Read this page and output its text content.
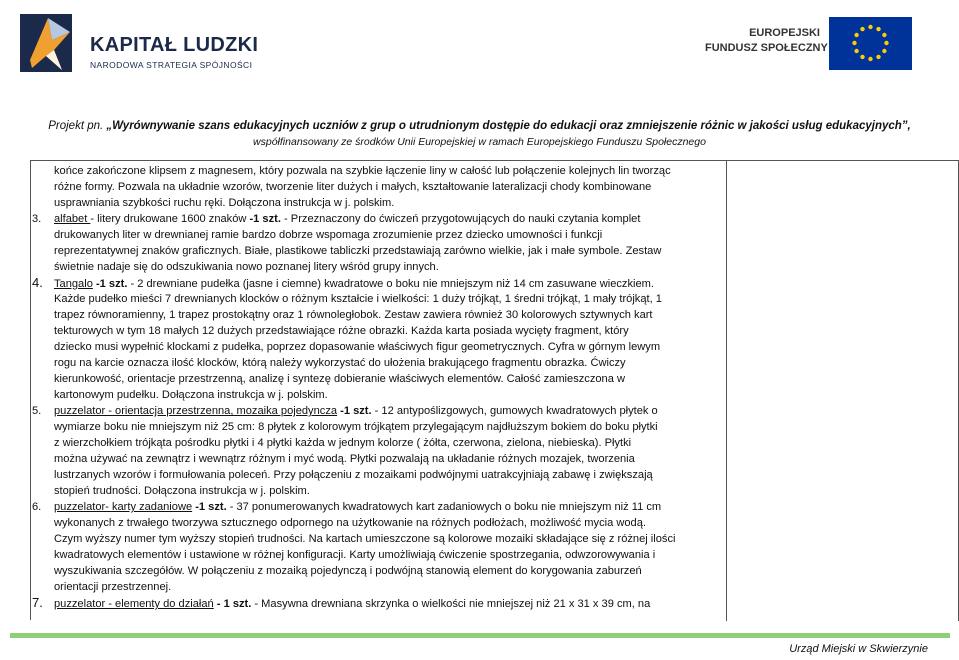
KAPITAŁ LUDZKI
NARODOWA STRATEGIA SPÓJNOŚCI
EUROPEJSKI
FUNDUSZ SPOŁECZNY
Projekt pn. „Wyrównywanie szans edukacyjnych uczniów z grup o utrudnionym dostępie do edukacji oraz zmniejszenie różnic w jakości usług edukacyjnych”,
współfinansowany ze środków Unii Europejskiej w ramach Europejskiego Funduszu Społecznego
końce zakończone klipsem z magnesem, który pozwala na szybkie łączenie liny w całość lub połączenie kolejnych lin tworząc
różne formy. Pozwala na układnie wzorów, tworzenie liter dużych i małych, kształtowanie lateralizacji chody kombinowane
usprawniania szybkości ruchu ręki. Dołączona instrukcja w j. polskim.
3. alfabet - litery drukowane 1600 znaków -1 szt. - Przeznaczony do ćwiczeń przygotowujących do nauki czytania komplet
drukowanych liter w drewnianej ramie bardzo dobrze wspomaga zrozumienie przez dziecko umowności i funkcji
reprezentatywnej znaków graficznych. Białe, plastikowe tabliczki przedstawiają zarówno wielkie, jak i małe symbole. Zestaw
świetnie nadaje się do odszukiwania nowo poznanej litery wśród grupy innych.
4. Tangalo -1 szt. - 2 drewniane pudełka (jasne i ciemne) kwadratowe o boku nie mniejszym niż 14 cm zasuwane wieczkiem.
Każde pudełko mieści 7 drewnianych klocków o różnym kształcie i wielkości: 1 duży trójkąt, 1 średni trójkąt, 1 mały trójkąt, 1
trapez równoramienny, 1 trapez prostokątny oraz 1 równoległobok. Zestaw zawiera również 30 kolorowych sztywnych kart
tekturowych w tym 18 małych 12 dużych przedstawiające różne obrazki. Każda karta posiada wycięty fragment, który
dziecko musi wypełnić klockami z pudełka, poprzez dopasowanie właściwych figur geometrycznych. Cyfra w górnym lewym
rogu na karcie oznacza ilość klocków, którą należy wykorzystać do ułożenia brakującego fragmentu obrazka. Ćwiczy
kierunkowość, orientacje przestrzenną, analizę i syntezę dobieranie właściwych elementów. Całość zamieszczona w
kartonowym pudełku. Dołączona instrukcja w j. polskim.
5. puzzelator - orientacja przestrzenna, mozaika pojedyncza -1 szt. - 12 antypoślizgowych, gumowych kwadratowych płytek o
wymiarze boku nie mniejszym niż 25 cm: 8 płytek z kolorowym trójkątem przylegającym najdłuższym bokiem do boku płytki
z wierzchołkiem trójkąta pośrodku płytki i 4 płytki każda w jednym kolorze ( żółta, czerwona, zielona, niebieska). Płytki
można używać na zewnątrz i wewnątrz różnym i myć wodą. Płytki pozwalają na układanie różnych mozajek, tworzenia
lustrzanych wzorów i formułowania poleceń. Przy połączeniu z mozaikami podwójnymi uatrakcyjniają zabawę i zwiększają
stopień trudności. Dołączona instrukcja w j. polskim.
6. puzzelator- karty zadaniowe -1 szt. - 37 ponumerowanych kwadratowych kart zadaniowych o boku nie mniejszym niż 11 cm
wykonanych z trwałego tworzywa sztucznego odpornego na użytkowanie na różnych podłożach, możliwość mycia wodą.
Czym wyższy numer tym wyższy stopień trudności. Na kartach umieszczone są kolorowe mozaiki składające się z różnej ilości
kwadratowych elementów i ustawione w różnej konfiguracji. Karty umożliwiają ćwiczenie spostrzegania, odwzorowywania i
wyszukiwania szczegółów. W połączeniu z mozaiką pojedynczą i podwójną stanowią element do korygowania zaburzeń
orientacji przestrzennej.
7. puzzelator - elementy do działań - 1 szt. - Masywna drewniana skrzynka o wielkości nie mniejszej niż 21 x 31 x 39 cm, na
Urząd Miejski w Skwierzynie
